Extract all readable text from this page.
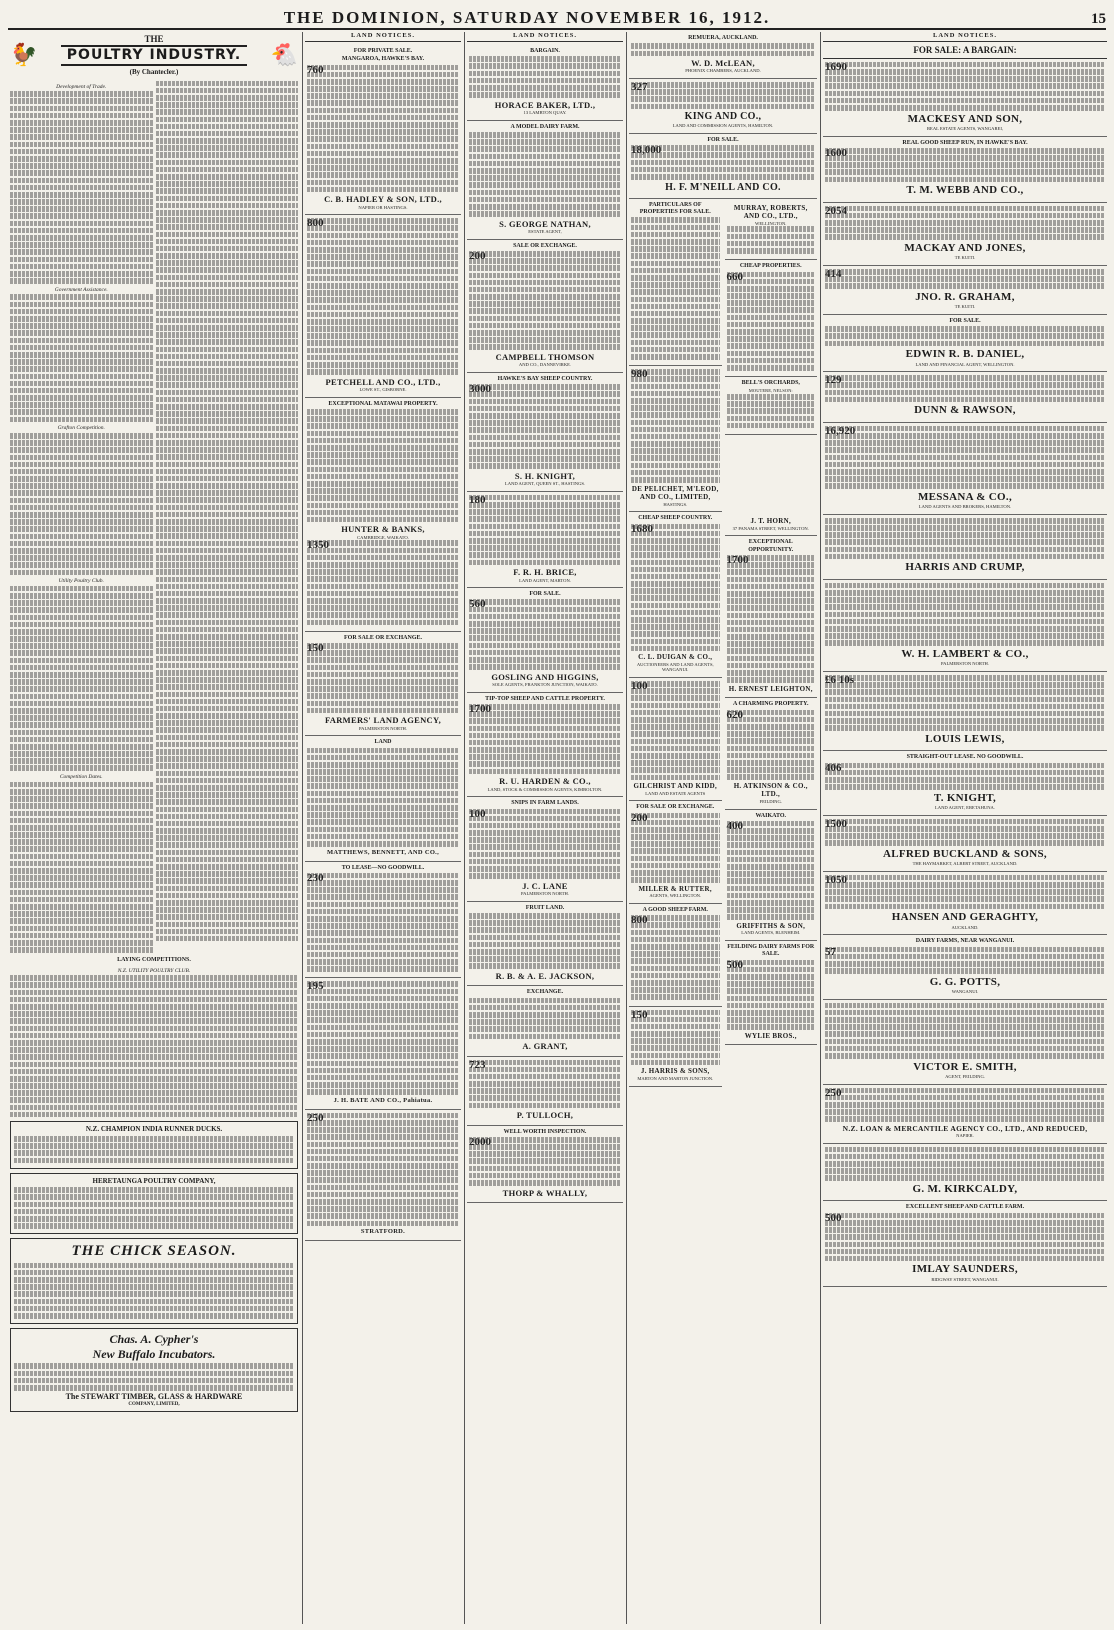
THE DOMINION, SATURDAY NOVEMBER 16, 1912.	15
🐓
THE
POULTRY INDUSTRY.
(By Chantecler.)
🐔
Development of Trade.
Government Assistance.
Grafton Competition.
Utility Poultry Club.
Competition Dates.
LAYING COMPETITIONS.
N.Z. UTILITY POULTRY CLUB.
N.Z. CHAMPION INDIA RUNNER DUCKS.
HERETAUNGA POULTRY COMPANY,
THE CHICK SEASON.
Chas. A. Cypher's
New Buffalo Incubators.
The STEWART TIMBER, GLASS & HARDWARE
COMPANY, LIMITED,
LAND NOTICES.
FOR PRIVATE SALE.
MANGAROA, HAWKE'S BAY.
760
C. B. HADLEY & SON, LTD.,
NAPIER OR HASTINGS.
800
PETCHELL AND CO., LTD.,
LOWE ST., GISBORNE.
EXCEPTIONAL MATAWAI PROPERTY.
HUNTER & BANKS,
CAMBRIDGE, WAIKATO.
1350
FOR SALE OR EXCHANGE.
150
FARMERS' LAND AGENCY,
PALMERSTON NORTH.
LAND
MATTHEWS, BENNETT, AND CO.,
TO LEASE—NO GOODWILL.
230
195
J. H. BATE AND CO., Pahiatua.
250
STRATFORD.
LAND NOTICES.
BARGAIN.
HORACE BAKER, LTD.,
13 LAMBTON QUAY.
A MODEL DAIRY FARM.
S. GEORGE NATHAN,
ESTATE AGENT,
SALE OR EXCHANGE.
200
CAMPBELL THOMSON
AND CO., DANNEVIRKE.
HAWKE'S BAY SHEEP COUNTRY.
3000
S. H. KNIGHT,
LAND AGENT, QUEEN ST., HASTINGS.
180
F. R. H. BRICE,
LAND AGENT, MARTON.
FOR SALE.
560
GOSLING AND HIGGINS,
SOLE AGENTS, FRANKTON JUNCTION, WAIKATO.
TIP-TOP SHEEP AND CATTLE PROPERTY.
1700
R. U. HARDEN & CO.,
LAND, STOCK & COMMISSION AGENTS, KIMBOLTON.
SNIPS IN FARM LANDS.
100
J. C. LANE
PALMERSTON NORTH.
FRUIT LAND.
R. B. & A. E. JACKSON,
EXCHANGE.
A. GRANT,
723
P. TULLOCH,
WELL WORTH INSPECTION.
2000
THORP & WHALLY,
REMUERA, AUCKLAND.
W. D. McLEAN,
PHOENIX CHAMBERS, AUCKLAND.
327
KING AND CO.,
LAND AND COMMISSION AGENTS, HAMILTON.
FOR SALE.
18,000
H. F. M'NEILL AND CO.
PARTICULARS OF PROPERTIES FOR SALE.
980
DE PELICHET, M'LEOD, AND CO., LIMITED,
HASTINGS.
MURRAY, ROBERTS, AND CO., LTD.,
WELLINGTON.
CHEAP PROPERTIES.
660
BELL'S ORCHARDS,
MOUTERE, NELSON:
CHEAP SHEEP COUNTRY.
1680
C. L. DUIGAN & CO.,
AUCTIONEERS AND LAND AGENTS, WANGANUI.
100
GILCHRIST AND KIDD,
LAND AND ESTATE AGENTS
FOR SALE OR EXCHANGE.
200
MILLER & RUTTER,
AGENTS, WELLINGTON.
A GOOD SHEEP FARM.
800
150
J. HARRIS & SONS,
MARTON AND MARTON JUNCTION.
J. T. HORN,
37 PANAMA STREET, WELLINGTON.
EXCEPTIONAL OPPORTUNITY.
1700
H. ERNEST LEIGHTON,
A CHARMING PROPERTY.
620
H. ATKINSON & CO., LTD.,
FEILDING.
WAIKATO.
400
GRIFFITHS & SON,
LAND AGENTS, BLENHEIM.
FEILDING DAIRY FARMS FOR SALE.
500
WYLIE BROS.,
LAND NOTICES.
FOR SALE: A BARGAIN:
1690
MACKESY AND SON,
REAL ESTATE AGENTS, WANGAREI,
REAL GOOD SHEEP RUN, IN HAWKE'S BAY.
1600
T. M. WEBB AND CO.,
2054
MACKAY AND JONES,
TE KUITI.
414
JNO. R. GRAHAM,
TE KUITI.
FOR SALE.
EDWIN R. B. DANIEL,
LAND AND FINANCIAL AGENT, WELLINGTON.
129
DUNN & RAWSON,
16,920
MESSANA & CO.,
LAND AGENTS AND BROKERS, HAMILTON.
HARRIS AND CRUMP,
W. H. LAMBERT & CO.,
PALMERSTON NORTH.
£6 10s
LOUIS LEWIS,
STRAIGHT-OUT LEASE. NO GOODWILL.
406
T. KNIGHT,
LAND AGENT, ERETAHUNA.
1500
ALFRED BUCKLAND & SONS,
THE HAYMARKET, ALBERT STREET, AUCKLAND.
1050
HANSEN AND GERAGHTY,
AUCKLAND.
DAIRY FARMS, NEAR WANGANUI.
57
G. G. POTTS,
WANGANUI.
VICTOR E. SMITH,
AGENT, FEILDING.
250
N.Z. LOAN & MERCANTILE AGENCY CO., LTD., AND REDUCED,
NAPIER.
G. M. KIRKCALDY,
EXCELLENT SHEEP AND CATTLE FARM.
500
IMLAY SAUNDERS,
RIDGWAY STREET, WANGANUI.
